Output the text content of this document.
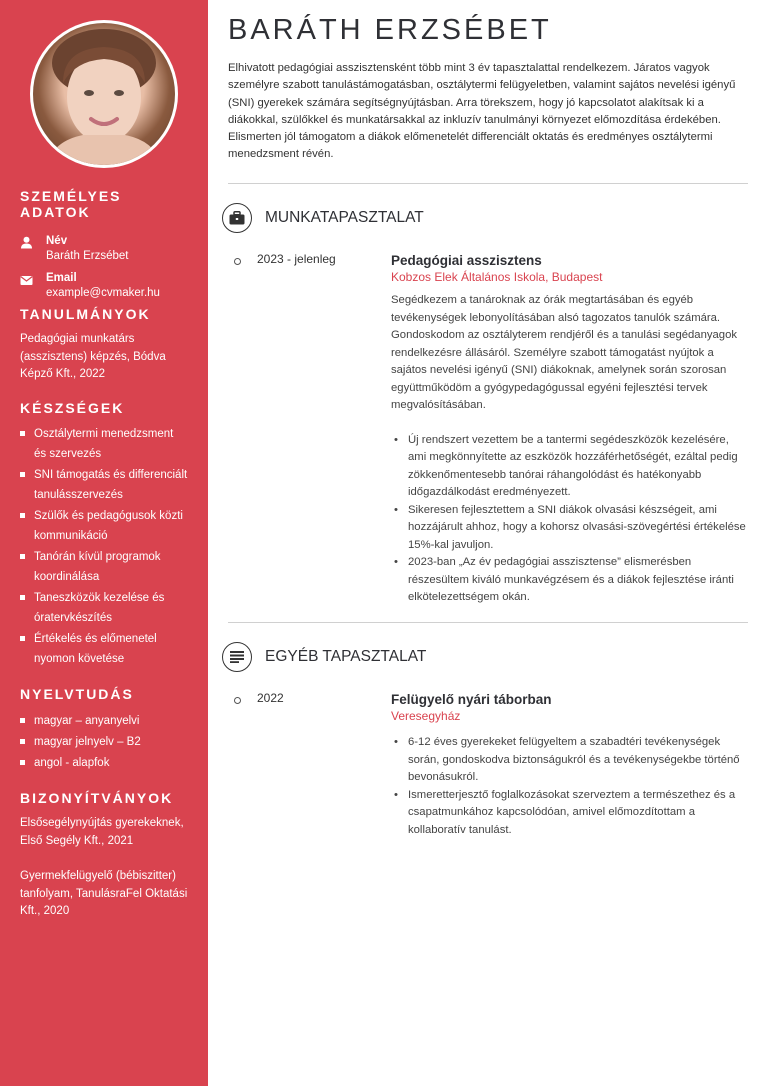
SZEMÉLYES ADATOK
Név
Baráth Erzsébet
Email
example@cvmaker.hu
TANULMÁNYOK
Pedagógiai munkatárs (asszisztens) képzés, Bódva Képző Kft., 2022
KÉSZSÉGEK
Osztálytermi menedzsment és szervezés
SNI támogatás és differenciált tanulásszervezés
Szülők és pedagógusok közti kommunikáció
Tanórán kívül programok koordinálása
Taneszközök kezelése és óratervkészítés
Értékelés és előmenetel nyomon követése
NYELVTUDÁS
magyar – anyanyelvi
magyar jelnyelv – B2
angol - alapfok
BIZONYÍTVÁNYOK
Elsősegélynyújtás gyerekeknek, Első Segély Kft., 2021
Gyermekfelügyelő (bébiszitter) tanfolyam, TanulásraFel Oktatási Kft., 2020
BARÁTH ERZSÉBET

Elhivatott pedagógiai asszisztensként több mint 3 év tapasztalattal rendelkezem. Járatos vagyok személyre szabott tanulástámogatásban, osztálytermi felügyeletben, valamint sajátos nevelési igényű (SNI) gyerekek számára segítségnyújtásban. Arra törekszem, hogy jó kapcsolatot alakítsak ki a diákokkal, szülőkkel és munkatársakkal az inkluzív tanulmányi környezet előmozdítása érdekében. Elismerten jól támogatom a diákok előmenetelét differenciált oktatás és eredményes osztálytermi menedzsment révén.

MUNKATAPASZTALAT
2023 - jelenleg	Pedagógiai asszisztens
Kobzos Elek Általános Iskola, Budapest
Segédkezem a tanároknak az órák megtartásában és egyéb tevékenységek lebonyolításában alsó tagozatos tanulók számára. Gondoskodom az osztályterem rendjéről és a tanulási segédanyagok rendelkezésre állásáról. Személyre szabott támogatást nyújtok a sajátos nevelési igényű (SNI) diákoknak, amelynek során szorosan együttműködöm a gyógypedagógussal egyéni fejlesztési tervek megvalósításában.
• Új rendszert vezettem be a tantermi segédeszközök kezelésére, ami megkönnyítette az eszközök hozzáférhetőségét, ezáltal pedig zökkenőmentesebb tanórai ráhangolódást és hatékonyabb időgazdálkodást eredményezett.
• Sikeresen fejlesztettem a SNI diákok olvasási készségeit, ami hozzájárult ahhoz, hogy a kohorsz olvasási-szövegértési értékelése 15%-kal javuljon.
• 2023-ban „Az év pedagógiai asszisztense” elismerésben részesültem kiváló munkavégzésem és a diákok fejlesztése iránti elkötelezettségem okán.
EGYÉB TAPASZTALAT
2022	Felügyelő nyári táborban
Veresegyház
• 6-12 éves gyerekeket felügyeltem a szabadtéri tevékenységek során, gondoskodva biztonságukról és a tevékenységekbe történő bevonásukról.
• Ismeretterjesztő foglalkozásokat szerveztem a természethez és a csapatmunkához kapcsolódóan, amivel előmozdítottam a kollaboratív tanulást.
